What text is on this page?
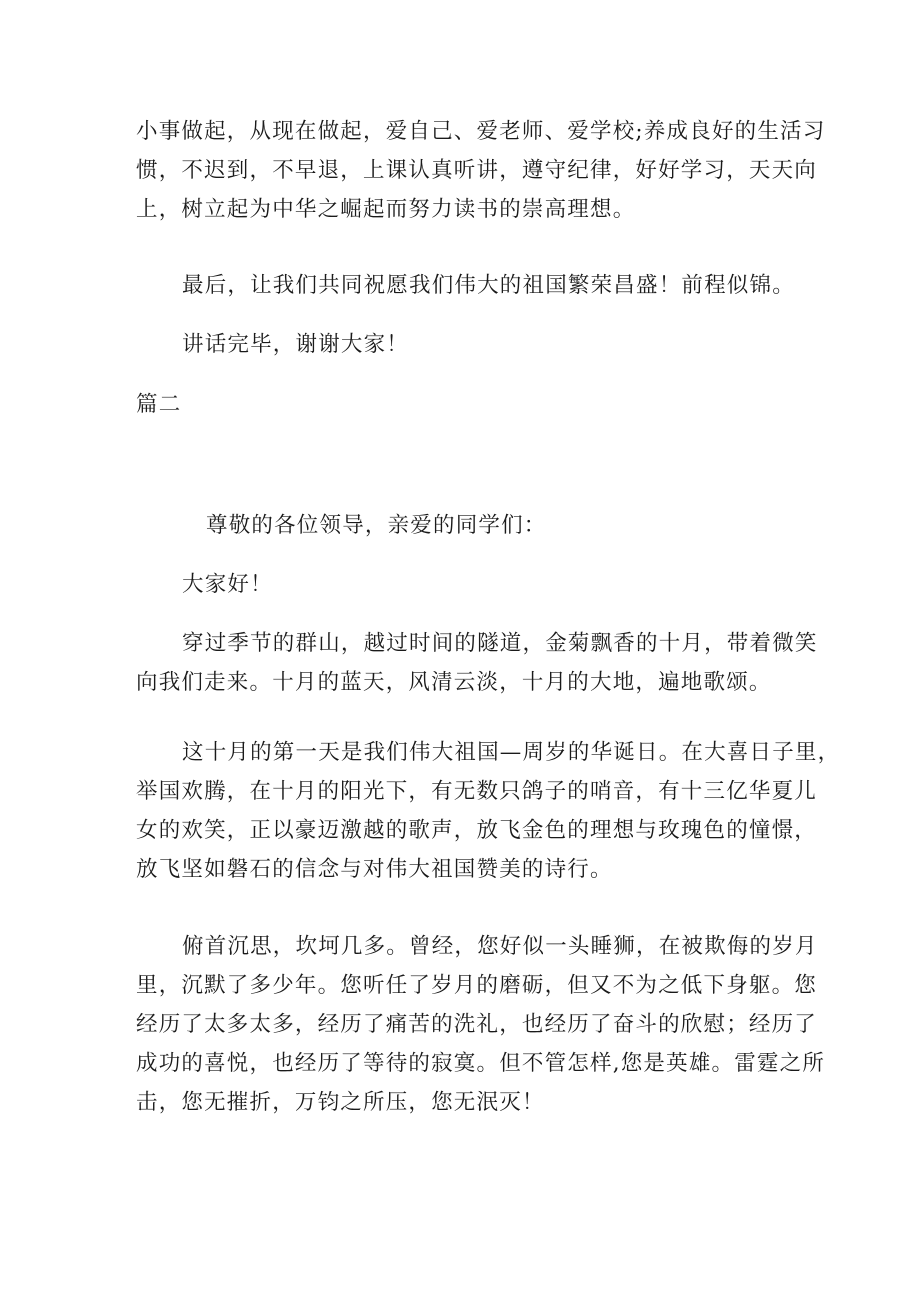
小事做起，从现在做起，爱自己、爱老师、爱学校;养成良好的生活习
惯，不迟到，不早退，上课认真听讲，遵守纪律，好好学习，天天向
上，树立起为中华之崛起而努力读书的崇高理想。
最后，让我们共同祝愿我们伟大的祖国繁荣昌盛！前程似锦。
讲话完毕，谢谢大家！
篇二
尊敬的各位领导，亲爱的同学们：
大家好！
穿过季节的群山，越过时间的隧道，金菊飘香的十月，带着微笑
向我们走来。十月的蓝天，风清云淡，十月的大地，遍地歌颂。
这十月的第一天是我们伟大祖国—周岁的华诞日。在大喜日子里，
举国欢腾，在十月的阳光下，有无数只鸽子的哨音，有十三亿华夏儿
女的欢笑，正以豪迈激越的歌声，放飞金色的理想与玫瑰色的憧憬，
放飞坚如磐石的信念与对伟大祖国赞美的诗行。
俯首沉思，坎坷几多。曾经，您好似一头睡狮，在被欺侮的岁月
里，沉默了多少年。您听任了岁月的磨砺，但又不为之低下身躯。您
经历了太多太多，经历了痛苦的洗礼，也经历了奋斗的欣慰；经历了
成功的喜悦，也经历了等待的寂寞。但不管怎样,您是英雄。雷霆之所
击，您无摧折，万钧之所压，您无泯灭！
